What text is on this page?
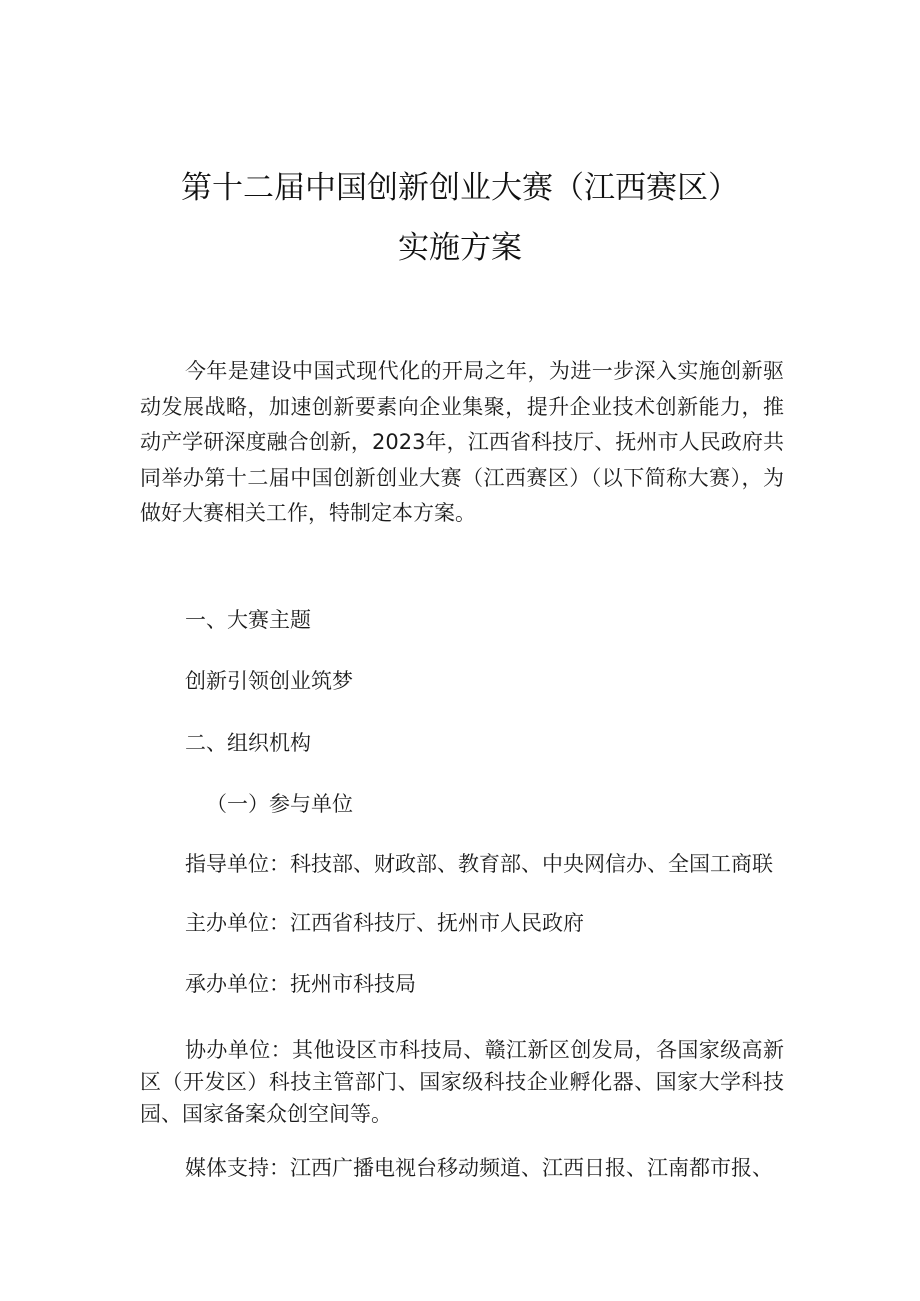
第十二届中国创新创业大赛（江西赛区）
实施方案

今年是建设中国式现代化的开局之年，为进一步深入实施创新驱动发展战略，加速创新要素向企业集聚，提升企业技术创新能力，推动产学研深度融合创新，2023年，江西省科技厅、抚州市人民政府共同举办第十二届中国创新创业大赛（江西赛区）（以下简称大赛），为做好大赛相关工作，特制定本方案。

一、大赛主题

创新引领创业筑梦

二、组织机构

（一）参与单位

指导单位：科技部、财政部、教育部、中央网信办、全国工商联

主办单位：江西省科技厅、抚州市人民政府

承办单位：抚州市科技局

协办单位：其他设区市科技局、赣江新区创发局，各国家级高新区（开发区）科技主管部门、国家级科技企业孵化器、国家大学科技园、国家备案众创空间等。

媒体支持：江西广播电视台移动频道、江西日报、江南都市报、
